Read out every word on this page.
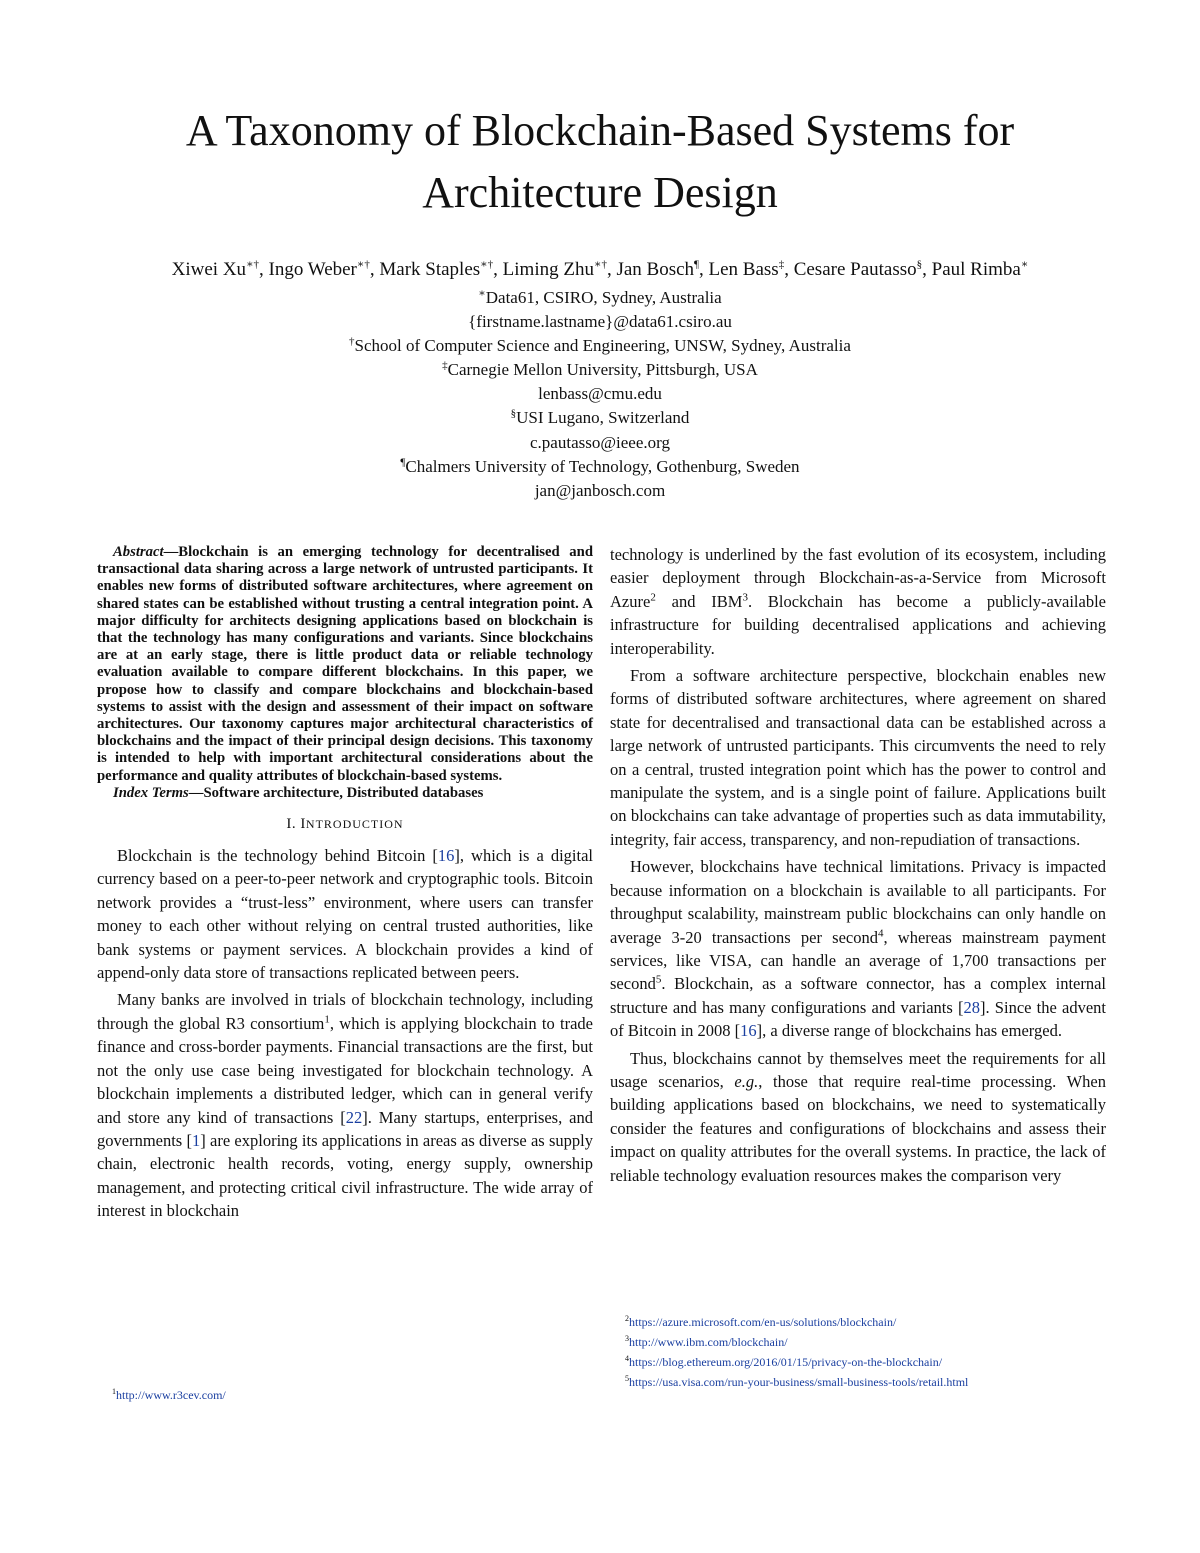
A Taxonomy of Blockchain-Based Systems for
Architecture Design
Xiwei Xu∗†, Ingo Weber∗†, Mark Staples∗†, Liming Zhu∗†, Jan Bosch¶, Len Bass‡, Cesare Pautasso§, Paul Rimba∗
∗Data61, CSIRO, Sydney, Australia
{firstname.lastname}@data61.csiro.au
†School of Computer Science and Engineering, UNSW, Sydney, Australia
‡Carnegie Mellon University, Pittsburgh, USA
lenbass@cmu.edu
§USI Lugano, Switzerland
c.pautasso@ieee.org
¶Chalmers University of Technology, Gothenburg, Sweden
jan@janbosch.com

Abstract—Blockchain is an emerging technology for decentralised and transactional data sharing across a large network of untrusted participants. It enables new forms of distributed software architectures, where agreement on shared states can be established without trusting a central integration point. A major difficulty for architects designing applications based on blockchain is that the technology has many configurations and variants. Since blockchains are at an early stage, there is little product data or reliable technology evaluation available to compare different blockchains. In this paper, we propose how to classify and compare blockchains and blockchain-based systems to assist with the design and assessment of their impact on software architectures. Our taxonomy captures major architectural characteristics of blockchains and the impact of their principal design decisions. This taxonomy is intended to help with important architectural considerations about the performance and quality attributes of blockchain-based systems.

Index Terms—Software architecture, Distributed databases

I. INTRODUCTION

Blockchain is the technology behind Bitcoin [16], which is a digital currency based on a peer-to-peer network and cryptographic tools. Bitcoin network provides a “trust-less” environment, where users can transfer money to each other without relying on central trusted authorities, like bank systems or payment services. A blockchain provides a kind of append-only data store of transactions replicated between peers.

Many banks are involved in trials of blockchain technology, including through the global R3 consortium$^1$, which is applying blockchain to trade finance and cross-border payments. Financial transactions are the first, but not the only use case being investigated for blockchain technology. A blockchain implements a distributed ledger, which can in general verify and store any kind of transactions [22]. Many startups, enterprises, and governments [1] are exploring its applications in areas as diverse as supply chain, electronic health records, voting, energy supply, ownership management, and protecting critical civil infrastructure. The wide array of interest in blockchain

$^1$http://www.r3cev.com/

technology is underlined by the fast evolution of its ecosystem, including easier deployment through Blockchain-as-a-Service from Microsoft Azure$^2$ and IBM$^3$. Blockchain has become a publicly-available infrastructure for building decentralised applications and achieving interoperability.

From a software architecture perspective, blockchain enables new forms of distributed software architectures, where agreement on shared state for decentralised and transactional data can be established across a large network of untrusted participants. This circumvents the need to rely on a central, trusted integration point which has the power to control and manipulate the system, and is a single point of failure. Applications built on blockchains can take advantage of properties such as data immutability, integrity, fair access, transparency, and non-repudiation of transactions.

However, blockchains have technical limitations. Privacy is impacted because information on a blockchain is available to all participants. For throughput scalability, mainstream public blockchains can only handle on average 3-20 transactions per second$^4$, whereas mainstream payment services, like VISA, can handle an average of 1,700 transactions per second$^5$. Blockchain, as a software connector, has a complex internal structure and has many configurations and variants [28]. Since the advent of Bitcoin in 2008 [16], a diverse range of blockchains has emerged.

Thus, blockchains cannot by themselves meet the requirements for all usage scenarios, e.g., those that require real-time processing. When building applications based on blockchains, we need to systematically consider the features and configurations of blockchains and assess their impact on quality attributes for the overall systems. In practice, the lack of reliable technology evaluation resources makes the comparison very

$^2$https://azure.microsoft.com/en-us/solutions/blockchain/
$^3$http://www.ibm.com/blockchain/
$^4$https://blog.ethereum.org/2016/01/15/privacy-on-the-blockchain/
$^5$https://usa.visa.com/run-your-business/small-business-tools/retail.html
